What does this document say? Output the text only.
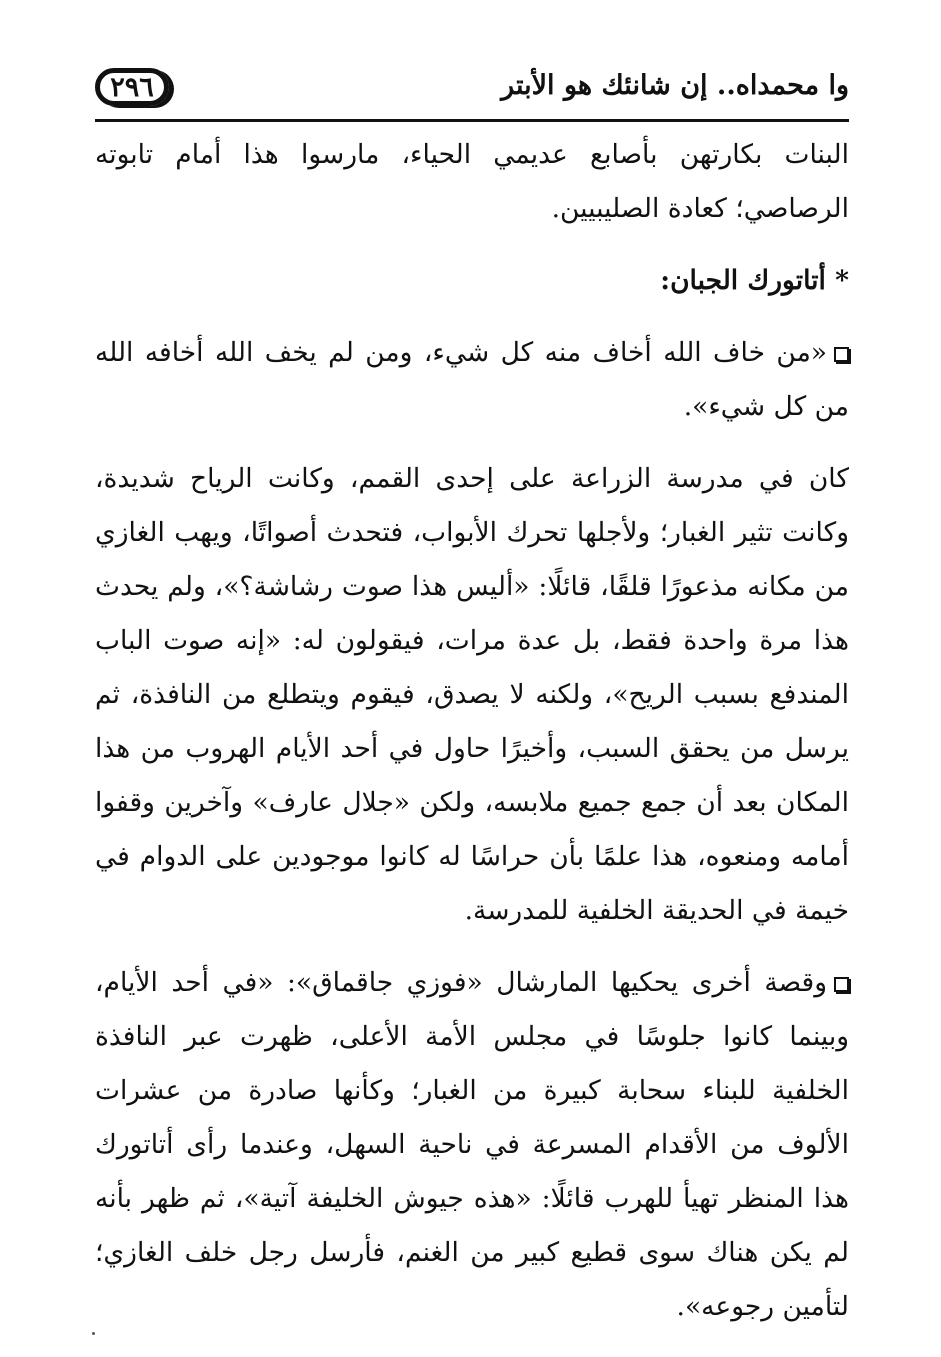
٢٩٦	وا محمداه.. إن شانئك هو الأبتر

البنات بكارتهن بأصابع عديمي الحياء، مارسوا هذا أمام تابوته الرصاصي؛ كعادة الصليبيين.

* أتاتورك الجبان:

«من خاف الله أخاف منه كل شيء، ومن لم يخف الله أخافه الله من كل شيء».

كان في مدرسة الزراعة على إحدى القمم، وكانت الرياح شديدة، وكانت تثير الغبار؛ ولأجلها تحرك الأبواب، فتحدث أصواتًا، ويهب الغازي من مكانه مذعورًا قلقًا، قائلًا: «أليس هذا صوت رشاشة؟»، ولم يحدث هذا مرة واحدة فقط، بل عدة مرات، فيقولون له: «إنه صوت الباب المندفع بسبب الريح»، ولكنه لا يصدق، فيقوم ويتطلع من النافذة، ثم يرسل من يحقق السبب، وأخيرًا حاول في أحد الأيام الهروب من هذا المكان بعد أن جمع جميع ملابسه، ولكن «جلال عارف» وآخرين وقفوا أمامه ومنعوه، هذا علمًا بأن حراسًا له كانوا موجودين على الدوام في خيمة في الحديقة الخلفية للمدرسة.

وقصة أخرى يحكيها المارشال «فوزي جاقماق»: «في أحد الأيام، وبينما كانوا جلوسًا في مجلس الأمة الأعلى، ظهرت عبر النافذة الخلفية للبناء سحابة كبيرة من الغبار؛ وكأنها صادرة من عشرات الألوف من الأقدام المسرعة في ناحية السهل، وعندما رأى أتاتورك هذا المنظر تهيأ للهرب قائلًا: «هذه جيوش الخليفة آتية»، ثم ظهر بأنه لم يكن هناك سوى قطيع كبير من الغنم، فأرسل رجل خلف الغازي؛ لتأمين رجوعه».
